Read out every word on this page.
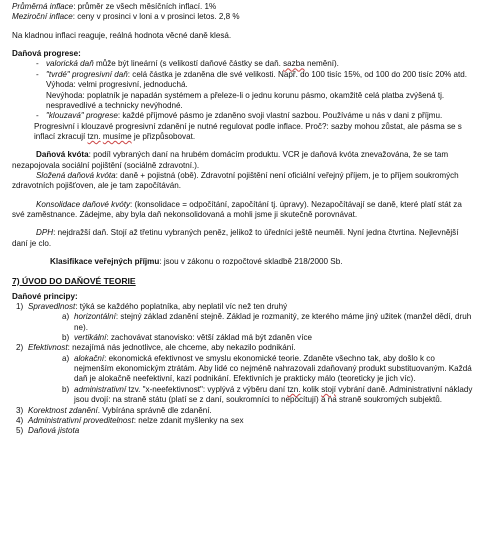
Průměrná inflace: průměr ze všech měsíčních inflací. 1%

Meziroční inflace: ceny v prosinci v loni a v prosinci letos. 2,8 %

Na kladnou inflaci reaguje, reálná hodnota věcné daně klesá.

Daňová progrese:

- valorická daň může být lineární (s velikostí daňové částky se daň. sazba nemění).
- "tvrdé" progresivní daň: celá částka je zdaněna dle své velikosti. Např. do 100 tisíc 15%, od 100 do 200 tisíc 20% atd.

Výhoda: velmi progresivní, jednoduchá.

Nevýhoda: poplatník je napadán systémem a přeleze-li o jednu korunu pásmo, okamžitě celá platba zvýšená tj. nespravedlivé a technicky nevýhodné.

- "klouzavá" progrese: každé příjmové pásmo je zdaněno svoji vlastní sazbou. Používáme u nás v dani z příjmu.

Progresivní i klouzavé progresivní zdanění je nutné regulovat podle inflace. Proč?: sazby mohou zůstat, ale pásma se s inflací zkracují tzn. musíme je přizpůsobovat.

Daňová kvóta: podíl vybraných daní na hrubém domácím produktu. VCR je daňová kvóta znevažována, že se tam nezapojovala sociální pojištění (sociálně zdravotní.).

Složená daňová kvóta: daně + pojistná (obě). Zdravotní pojištění není oficiální veřejný příjem, je to příjem soukromých zdravotních pojišťoven, ale je tam započítáván.

Konsolidace daňové kvóty: (konsolidace = odpočítání, započítání tj. úpravy). Nezapočítávají se daně, které platí stát za své zaměstnance. Zádejme, aby byla daň nekonsolidovaná a mohli jsme ji skutečně porovnávat.

DPH: nejdražší daň. Stojí až třetinu vybraných peněz, jelikož to úředníci ještě neuměli. Nyní jedna čtvrtina. Nejlevnější daní je clo.

Klasifikace veřejných příjmu: jsou v zákonu o rozpočtové skladbě 218/2000 Sb.

7) ÚVOD DO DAŇOVÉ TEORIE

Daňové principy:

1) Spravedlnost: týká se každého poplatníka, aby neplatil víc než ten druhý
a) horizontální: stejný základ zdanění stejně. Základ je rozmanitý, ze kterého máme jiný užitek (manžel dědí, druh ne).
b) vertikální: zachovávat stanovisko: větší základ má být zdaněn více
2) Efektivnost: nezajímá nás jednotlivce, ale chceme, aby nekazilo podnikání.
a) alokační: ekonomická efektivnost ve smyslu ekonomické teorie. Zdaněte všechno tak, aby došlo k co nejmenším ekonomickým ztrátám. Aby lidé co nejméně nahrazovali zdaňovaný produkt substituovaným. Každá daň je alokačně neefektivní, kazí podnikání. Efektivních je prakticky málo (teoreticky je jich víc).
b) administrativní tzv. "x-neefektivnost": vyplývá z výběru daní tzn. kolik stojí vybrání daně. Administrativní náklady jsou dvojí: na straně státu (platí se z daní, soukromníci to nepocítují) a na straně soukromých subjektů.
3) Korektnost zdanění. Vybírána správně dle zdanění.
4) Administrativní proveditelnost: nelze zdanit myšlenky na sex
5) Daňová jistota
